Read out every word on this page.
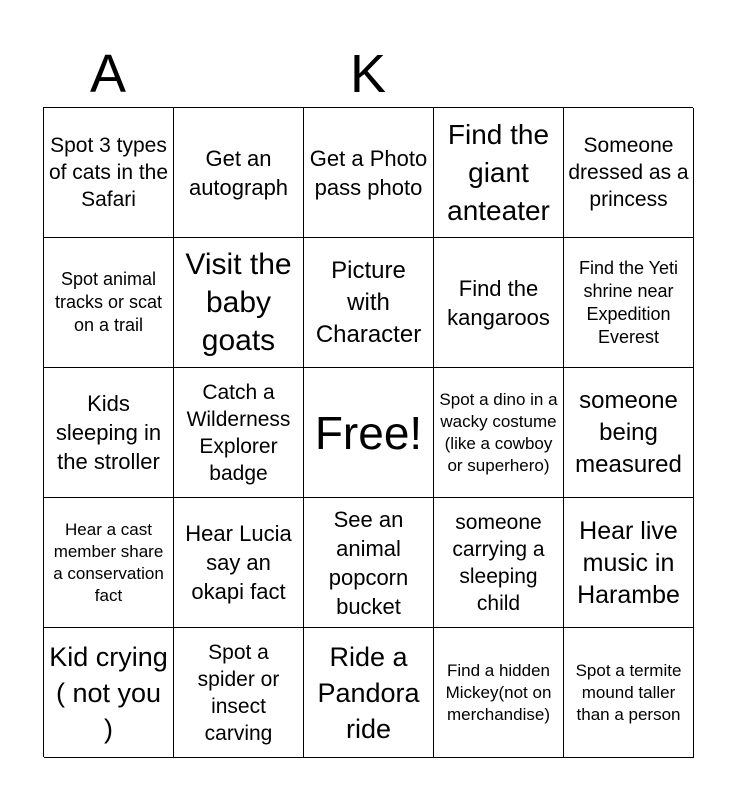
A	K
Spot 3 types of cats in the Safari
Get an autograph
Get a Photo pass photo
Find the giant anteater
Someone dressed as a princess
Spot animal tracks or scat on a trail
Visit the baby goats
Picture with Character
Find the kangaroos
Find the Yeti shrine near Expedition Everest
Kids sleeping in the stroller
Catch a Wilderness Explorer badge
Free!
Spot a dino in a wacky costume (like a cowboy or superhero)
someone being measured
Hear a cast member share a conservation fact
Hear Lucia say an okapi fact
See an animal popcorn bucket
someone carrying a sleeping child
Hear live music in Harambe
Kid crying ( not you )
Spot a spider or insect carving
Ride a Pandora ride
Find a hidden Mickey(not on merchandise)
Spot a termite mound taller than a person
